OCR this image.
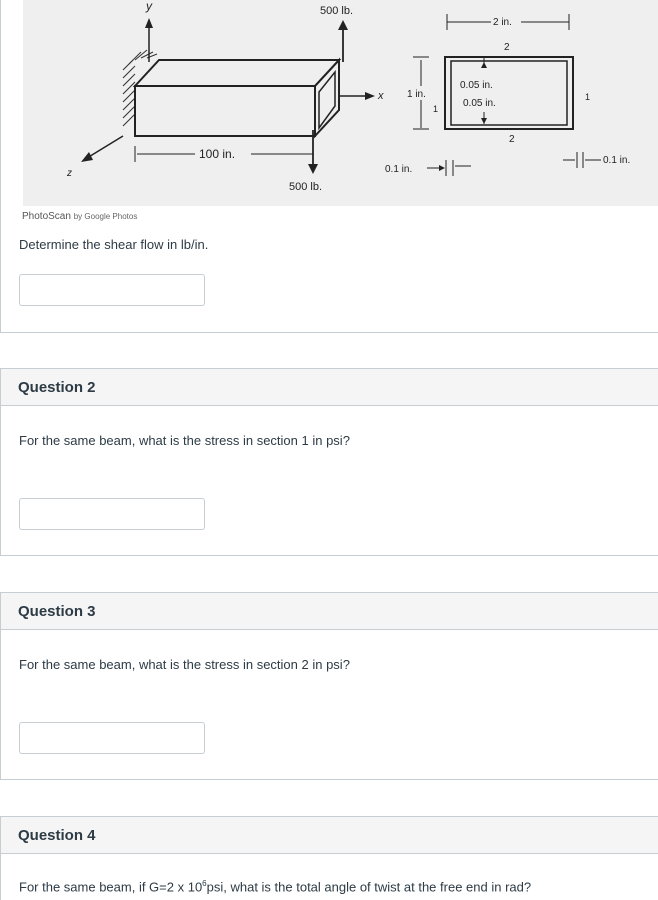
y
x
z
500 lb.
500 lb.
100 in.
2 in.
2
2
1
1
0.05 in.
0.05 in.
1 in.
0.1 in.
0.1 in.
PhotoScan by Google Photos
Determine the shear flow in lb/in.
Question 2
For the same beam, what is the stress in section 1 in psi?
Question 3
For the same beam, what is the stress in section 2 in psi?
Question 4
For the same beam, if G=2 x $10^6psi$, what is the total angle of twist at the free end in rad?
